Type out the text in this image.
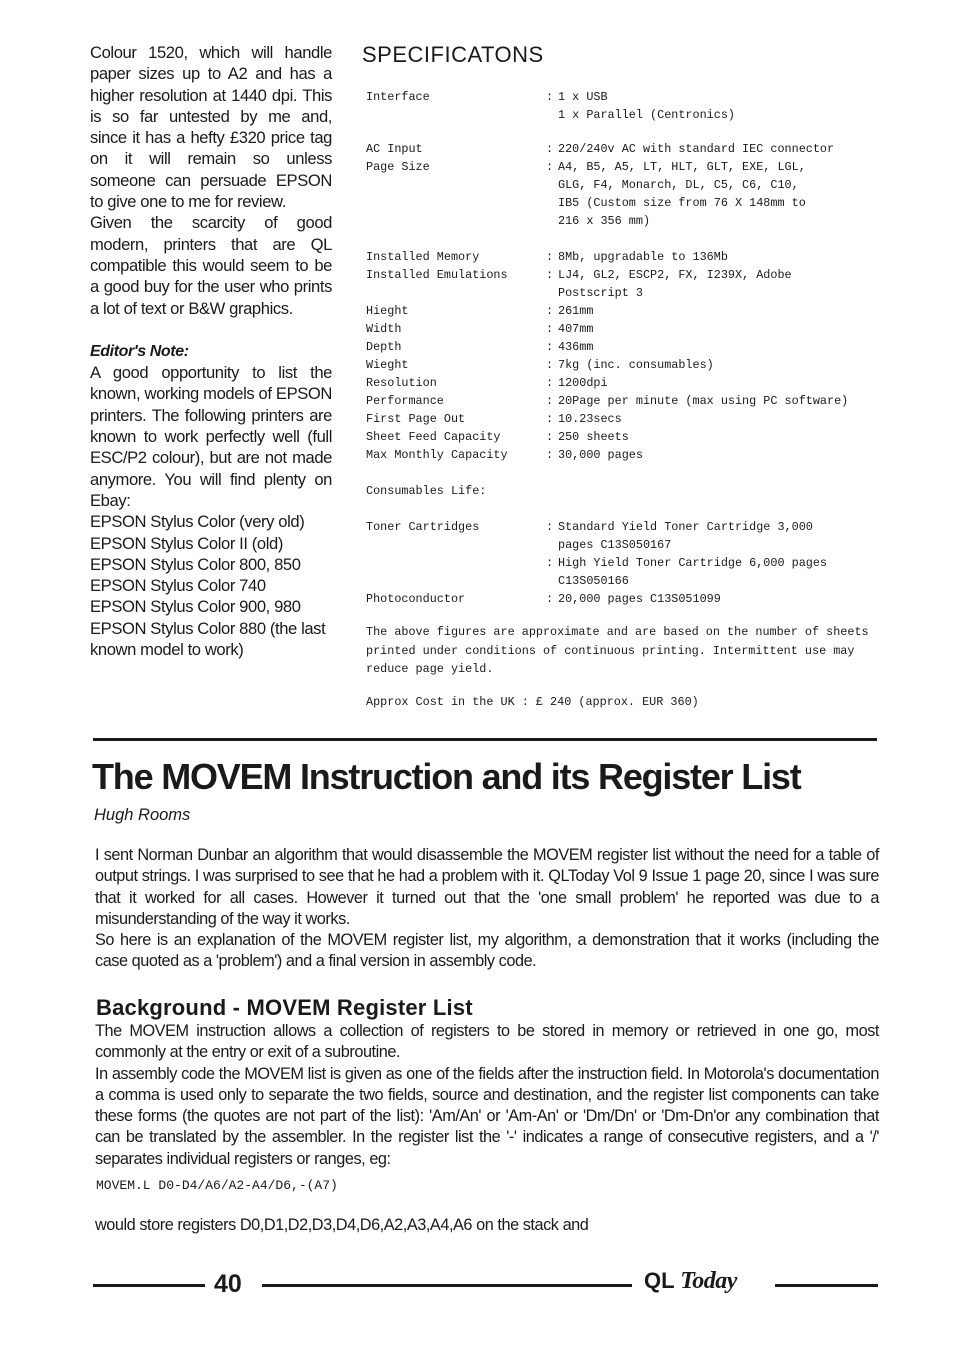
Colour 1520, which will handle paper sizes up to A2 and has a higher resolution at 1440 dpi. This is so far untested by me and, since it has a hefty £320 price tag on it will remain so unless someone can persuade EPSON to give one to me for review.

Given the scarcity of good modern, printers that are QL compatible this would seem to be a good buy for the user who prints a lot of text or B&W graphics.

Editor's Note:

A good opportunity to list the known, working models of EPSON printers. The following printers are known to work perfectly well (full ESC/P2 colour), but are not made anymore. You will find plenty on Ebay:

EPSON Stylus Color (very old)
EPSON Stylus Color II (old)
EPSON Stylus Color 800, 850
EPSON Stylus Color 740
EPSON Stylus Color 900, 980
EPSON Stylus Color 880 (the last known model to work)
SPECIFICATONS
Interface	: 1 x USB
1 x Parallel (Centronics)
AC Input	: 220/240v AC with standard IEC connector
Page Size	: A4, B5, A5, LT, HLT, GLT, EXE, LGL,
GLG, F4, Monarch, DL, C5, C6, C10,
IB5 (Custom size from 76 X 148mm to
216 x 356 mm)
Installed Memory	: 8Mb, upgradable to 136Mb
Installed Emulations	: LJ4, GL2, ESCP2, FX, I239X, Adobe
Postscript 3
Hieght	: 261mm
Width	: 407mm
Depth	: 436mm
Wieght	: 7kg (inc. consumables)
Resolution	: 1200dpi
Performance	: 20Page per minute (max using PC software)
First Page Out	: 10.23secs
Sheet Feed Capacity	: 250 sheets
Max Monthly Capacity	: 30,000 pages
Consumables Life:
Toner Cartridges	: Standard Yield Toner Cartridge 3,000
pages C13S050167
: High Yield Toner Cartridge 6,000 pages
C13S050166
Photoconductor	: 20,000 pages C13S051099
The above figures are approximate and are based on the number of sheets printed under conditions of continuous printing. Intermittent use may reduce page yield.
Approx Cost in the UK : £ 240 (approx. EUR 360)
The MOVEM Instruction and its Register List
Hugh Rooms

I sent Norman Dunbar an algorithm that would disassemble the MOVEM register list without the need for a table of output strings. I was surprised to see that he had a problem with it. QLToday Vol 9 Issue 1 page 20, since I was sure that it worked for all cases. However it turned out that the 'one small problem' he reported was due to a misunderstanding of the way it works.

So here is an explanation of the MOVEM register list, my algorithm, a demonstration that it works (including the case quoted as a 'problem') and a final version in assembly code.

Background - MOVEM Register List

The MOVEM instruction allows a collection of registers to be stored in memory or retrieved in one go, most commonly at the entry or exit of a subroutine.

In assembly code the MOVEM list is given as one of the fields after the instruction field. In Motorola's documentation a comma is used only to separate the two fields, source and destination, and the register list components can take these forms (the quotes are not part of the list): 'Am/An' or 'Am-An' or 'Dm/Dn' or 'Dm-Dn'or any combination that can be translated by the assembler. In the register list the '-' indicates a range of consecutive registers, and a '/' separates individual registers or ranges, eg:

MOVEM.L D0-D4/A6/A2-A4/D6,-(A7)
would store registers D0,D1,D2,D3,D4,D6,A2,A3,A4,A6 on the stack and
40	QL Today
